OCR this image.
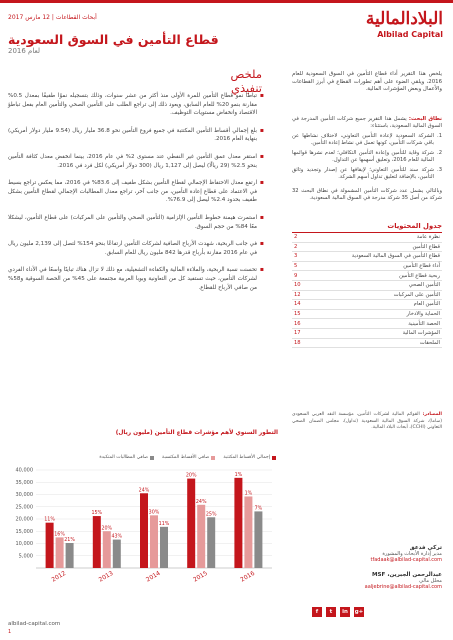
أبحاث القطاعات | 12 مارس 2017	البلادالمالية
Albilad Capital
قطاع التأمين في السوق السعودية
لعام 2016
ملخص تنفيذي
▪ تباطأ نمو قطاع التأمين للمرة الأولى منذ أكثر من عشر سنوات، وذلك بتسجيله نموًا طفيفًا بمعدل 0.5% مقارنة بنمو 20% للعام السابق، ويعود ذلك إلى تراجع الطلب على التأمين الصحي والتأمين العام بفعل تباطؤ الاقتصاد وانخفاض مستويات التوظيف.
▪ بلغ إجمالي أقساط التأمين المكتتبة في جميع فروع التأمين نحو 36.8 مليار ريال (9.54 مليار دولار أمريكي) بنهاية العام 2016.
▪ استقر معدل عمق التأمين غير النفطي عند مستوى 2% في عام 2016، بينما انخفض معدل كثافة التأمين بنحو 2.5% (29 ريالًا) ليصل إلى 1,127 ريال (300 دولار أمريكي) لكل فرد في 2016.
▪ ارتفع معدل الاحتفاظ الإجمالي لقطاع التأمين بشكل طفيف إلى 83.6% في 2016، مما يعكس تراجع بسيط في الاعتماد على قطاع إعادة التأمين، من جانب آخر، تراجع معدل المطالبات الإجمالي لقطاع التأمين بشكل طفيف بحدود 2.4% ليصل إلى 76.9%.
▪ استمرت هيمنة خطوط التأمين الإلزامية (التأمين الصحي والتأمين على المركبات) على قطاع التأمين، ليشكلا معًا 84% من حجم السوق.
▪ في جانب الربحية، شهدت الأرباح الصافية لشركات التأمين ارتفاعًا بنحو 154% لتصل إلى 2,139 مليون ريال في عام 2016 مقارنة بأرباح قدرها 842 مليون ريال للعام السابق.
▪ تحسنت نسبة الربحية، والملاءة المالية والكفاءة التشغيلية، مع ذلك لا تزال هناك تباينًا واسعًا في الأداء الفردي لشركات التأمين، حيث تستفيد كل من التعاونية وبوبا العربية مجتمعة على 45% من الحصة السوقية و58% من صافي الأرباح للقطاع.
يلخص هذا التقرير أداء قطاع التأمين في السوق السعودية للعام 2016، ويلقي الضوء على أهم تطورات القطاع في أبرز القطاعات والأعمال وبعض المؤشرات المالية.
نطاق البحث: يشمل هذا التقرير جميع شركات التأمين المدرجة في السوق المالية السعودية، باستثناء:
1.
الشركة السعودية لإعادة التأمين التعاوني، لاختلاف نشاطها عن باقي شركات التأمين، كونها تعمل في نشاط إعادة التأمين.
2.
شركة وقاية للتأمين وإعادة التأمين التكافلي؛ لعدم نشرها قوائمها المالية للعام 2016، وتعليق أسهمها عن التداول.
3.
شركة سند للتأمين التعاوني؛ لإيقافها عن إصدار وتجديد وثائق التأمين، بالإضافة لتعليق تداول أسهم الشركة.
وبالتالي يشمل عدد شركات التأمين المشمولة في نطاق البحث 32 شركة من أصل 35 شركة مدرجة في السوق المالية السعودية.
جدول المحتويات
2	نظرة عامة
2	قطاع التأمين
3	قطاع التأمين في السوق المالية السعودية
5	أداء قطاع التأمين
9	ربحية قطاع التأمين
10	التأمين الصحي
12	التأمين على المركبات
14	التأمين العام
15	الحماية والادخار
16	الحصة التأمينية
17	المؤشرات المالية
18	الملحقات
المصادر: القوائم المالية لشركات التأمين، مؤسسة النقد العربي السعودي (ساما)، شركة السوق المالية السعودية (تداول)، مجلس الضمان الصحي التعاوني (CCHI)، أبحاث البلاد المالية.
التطور السنوي لأهم مؤشرات قطاع التأمين (مليون ريال)
5,000
10,000
15,000
20,000
25,000
30,000
35,000
40,000
11%
16%
21%
2012
15%
20%
43%
2013
24%
30%
11%
2014
20%
24%
25%
2015
1%
1%
7%
2016
إجمالي الأقساط المكتتبة
صافي الأقساط المكتسبة
صافي المطالبات المتكبدة
تركي فدعق
مدير إدارة الأبحاث والمشورة
tfadaak@albilad-capital.com
عبدالرحمن الجبرين، MSF
محلل مالي
aaljebrine@albilad-capital.com
g+
in
t
f
albilad-capital.com
1
